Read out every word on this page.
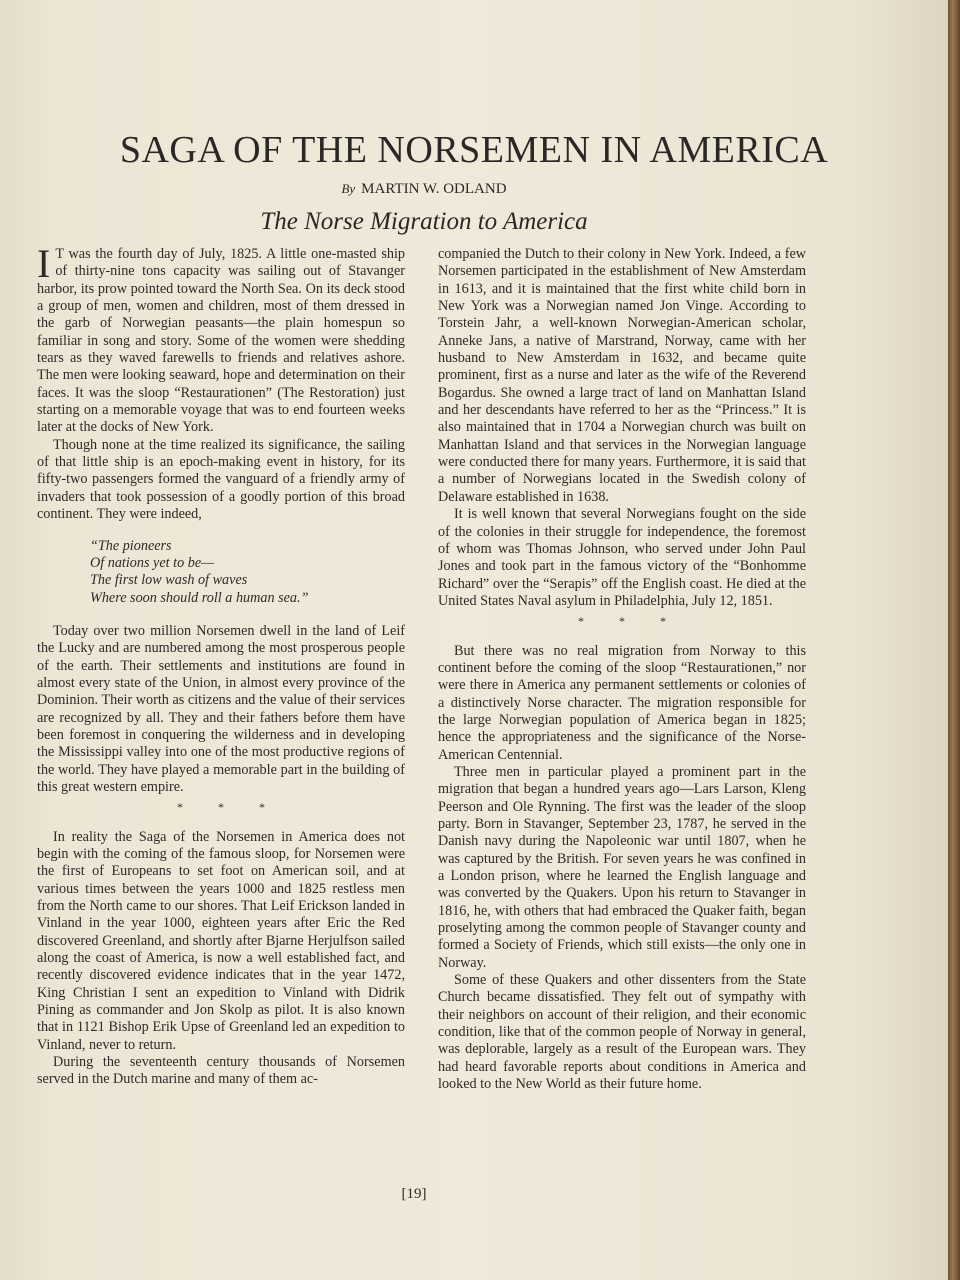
SAGA OF THE NORSEMEN IN AMERICA
By MARTIN W. ODLAND
The Norse Migration to America

I T was the fourth day of July, 1825. A little one-masted ship of thirty-nine tons capacity was sailing out of Stavanger harbor, its prow pointed toward the North Sea. On its deck stood a group of men, women and children, most of them dressed in the garb of Norwegian peasants—the plain homespun so familiar in song and story. Some of the women were shedding tears as they waved farewells to friends and relatives ashore. The men were looking seaward, hope and determination on their faces. It was the sloop “Restaurationen” (The Restoration) just starting on a memorable voyage that was to end fourteen weeks later at the docks of New York.

Though none at the time realized its significance, the sailing of that little ship is an epoch-making event in history, for its fifty-two passengers formed the vanguard of a friendly army of invaders that took possession of a goodly portion of this broad continent. They were indeed,

“The pioneers
Of nations yet to be—
The first low wash of waves
Where soon should roll a human sea.”

Today over two million Norsemen dwell in the land of Leif the Lucky and are numbered among the most prosperous people of the earth. Their settlements and institutions are found in almost every state of the Union, in almost every province of the Dominion. Their worth as citizens and the value of their services are recognized by all. They and their fathers before them have been foremost in conquering the wilderness and in developing the Mississippi valley into one of the most productive regions of the world. They have played a memorable part in the building of this great western empire.

* * *

In reality the Saga of the Norsemen in America does not begin with the coming of the famous sloop, for Norsemen were the first of Europeans to set foot on American soil, and at various times between the years 1000 and 1825 restless men from the North came to our shores. That Leif Erickson landed in Vinland in the year 1000, eighteen years after Eric the Red discovered Greenland, and shortly after Bjarne Herjulfson sailed along the coast of America, is now a well established fact, and recently discovered evidence indicates that in the year 1472, King Christian I sent an expedition to Vinland with Didrik Pining as commander and Jon Skolp as pilot. It is also known that in 1121 Bishop Erik Upse of Greenland led an expedition to Vinland, never to return.

During the seventeenth century thousands of Norsemen served in the Dutch marine and many of them ac-

companied the Dutch to their colony in New York. Indeed, a few Norsemen participated in the establishment of New Amsterdam in 1613, and it is maintained that the first white child born in New York was a Norwegian named Jon Vinge. According to Torstein Jahr, a well-known Norwegian-American scholar, Anneke Jans, a native of Marstrand, Norway, came with her husband to New Amsterdam in 1632, and became quite prominent, first as a nurse and later as the wife of the Reverend Bogardus. She owned a large tract of land on Manhattan Island and her descendants have referred to her as the “Princess.” It is also maintained that in 1704 a Norwegian church was built on Manhattan Island and that services in the Norwegian language were conducted there for many years. Furthermore, it is said that a number of Norwegians located in the Swedish colony of Delaware established in 1638.

It is well known that several Norwegians fought on the side of the colonies in their struggle for independence, the foremost of whom was Thomas Johnson, who served under John Paul Jones and took part in the famous victory of the “Bonhomme Richard” over the “Serapis” off the English coast. He died at the United States Naval asylum in Philadelphia, July 12, 1851.

* * *

But there was no real migration from Norway to this continent before the coming of the sloop “Restaurationen,” nor were there in America any permanent settlements or colonies of a distinctively Norse character. The migration responsible for the large Norwegian population of America began in 1825; hence the appropriateness and the significance of the Norse-American Centennial.

Three men in particular played a prominent part in the migration that began a hundred years ago—Lars Larson, Kleng Peerson and Ole Rynning. The first was the leader of the sloop party. Born in Stavanger, September 23, 1787, he served in the Danish navy during the Napoleonic war until 1807, when he was captured by the British. For seven years he was confined in a London prison, where he learned the English language and was converted by the Quakers. Upon his return to Stavanger in 1816, he, with others that had embraced the Quaker faith, began proselyting among the common people of Stavanger county and formed a Society of Friends, which still exists—the only one in Norway.

Some of these Quakers and other dissenters from the State Church became dissatisfied. They felt out of sympathy with their neighbors on account of their religion, and their economic condition, like that of the common people of Norway in general, was deplorable, largely as a result of the European wars. They had heard favorable reports about conditions in America and looked to the New World as their future home.

[19]
